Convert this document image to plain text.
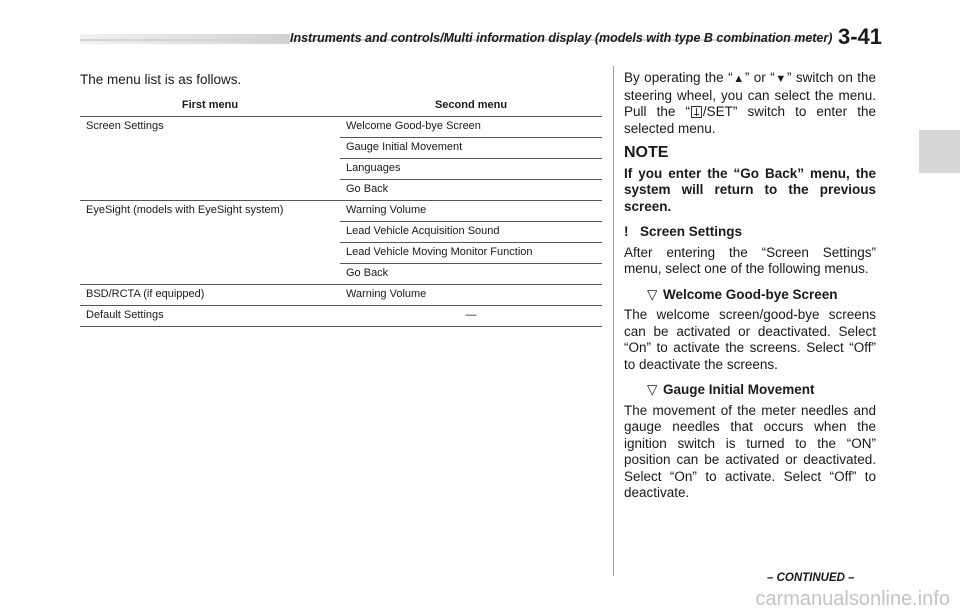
Instruments and controls/Multi information display (models with type B combination meter) 3-41
The menu list is as follows.
First menu	Second menu
Screen Settings	Welcome Good-bye Screen
	Gauge Initial Movement
	Languages
	Go Back
EyeSight (models with EyeSight system)	Warning Volume
	Lead Vehicle Acquisition Sound
	Lead Vehicle Moving Monitor Function
	Go Back
BSD/RCTA (if equipped)	Warning Volume
Default Settings	—

By operating the “▲” or “▼” switch on the steering wheel, you can select the menu. Pull the “ /SET” switch to enter the selected menu.

NOTE

If you enter the “Go Back” menu, the system will return to the previous screen.

! Screen Settings

After entering the “Screen Settings” menu, select one of the following menus.

▽ Welcome Good-bye Screen

The welcome screen/good-bye screens can be activated or deactivated. Select “On” to activate the screens. Select “Off” to deactivate the screens.

▽ Gauge Initial Movement

The movement of the meter needles and gauge needles that occurs when the ignition switch is turned to the “ON” position can be activated or deactivated. Select “On” to activate. Select “Off” to deactivate.

– CONTINUED –
carmanualsonline.info
